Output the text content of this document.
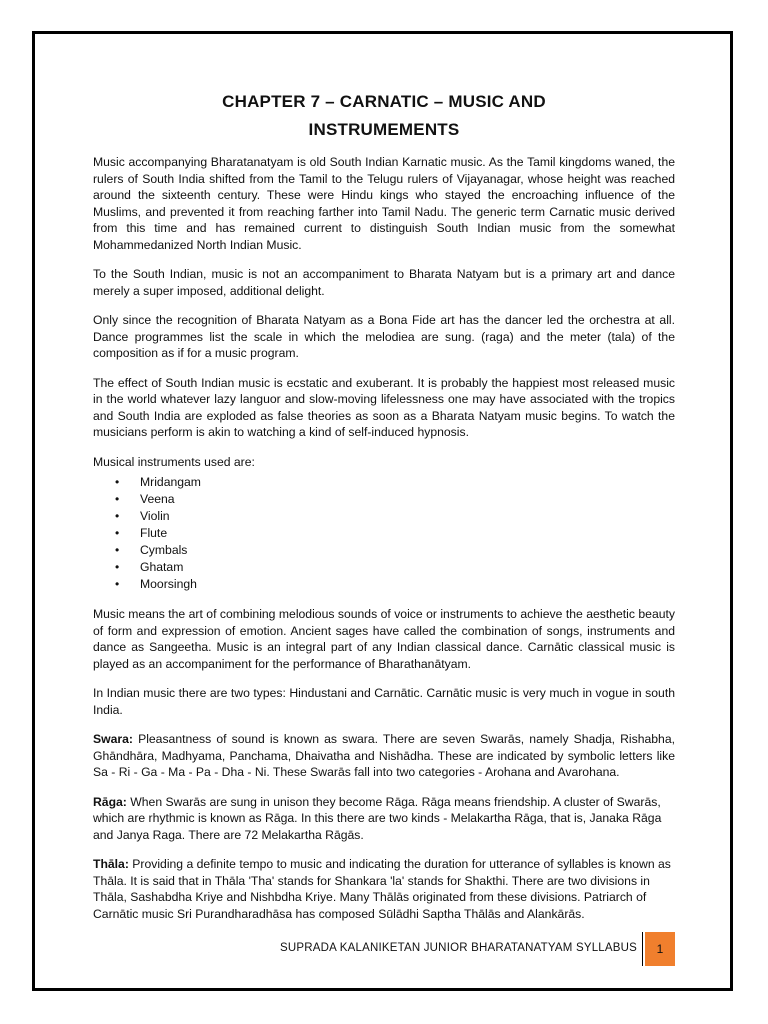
CHAPTER 7 – CARNATIC – MUSIC AND
INSTRUMEMENTS

Music accompanying Bharatanatyam is old South Indian Karnatic music. As the Tamil kingdoms waned, the rulers of South India shifted from the Tamil to the Telugu rulers of Vijayanagar, whose height was reached around the sixteenth century. These were Hindu kings who stayed the encroaching influence of the Muslims, and prevented it from reaching farther into Tamil Nadu. The generic term Carnatic music derived from this time and has remained current to distinguish South Indian music from the somewhat Mohammedanized North Indian Music.

To the South Indian, music is not an accompaniment to Bharata Natyam but is a primary art and dance merely a super imposed, additional delight.

Only since the recognition of Bharata Natyam as a Bona Fide art has the dancer led the orchestra at all. Dance programmes list the scale in which the melodiea are sung. (raga) and the meter (tala) of the composition as if for a music program.

The effect of South Indian music is ecstatic and exuberant. It is probably the happiest most released music in the world whatever lazy languor and slow-moving lifelessness one may have associated with the tropics and South India are exploded as false theories as soon as a Bharata Natyam music begins. To watch the musicians perform is akin to watching a kind of self-induced hypnosis.

Musical instruments used are:

• Mridangam
• Veena
• Violin
• Flute
• Cymbals
• Ghatam
• Moorsingh

Music means the art of combining melodious sounds of voice or instruments to achieve the aesthetic beauty of form and expression of emotion. Ancient sages have called the combination of songs, instruments and dance as Sangeetha. Music is an integral part of any Indian classical dance. Carnātic classical music is played as an accompaniment for the performance of Bharathanātyam.

In Indian music there are two types: Hindustani and Carnātic. Carnātic music is very much in vogue in south India.

Swara: Pleasantness of sound is known as swara. There are seven Swarās, namely Shadja, Rishabha, Ghāndhāra, Madhyama, Panchama, Dhaivatha and Nishādha. These are indicated by symbolic letters like Sa - Ri - Ga - Ma - Pa - Dha - Ni. These Swarās fall into two categories - Arohana and Avarohana.

Rāga: When Swarās are sung in unison they become Rāga. Rāga means friendship. A cluster of Swarās, which are rhythmic is known as Rāga. In this there are two kinds - Melakartha Rāga, that is, Janaka Rāga and Janya Raga. There are 72 Melakartha Rāgās.

Thāla: Providing a definite tempo to music and indicating the duration for utterance of syllables is known as Thāla. It is said that in Thāla 'Tha' stands for Shankara 'la' stands for Shakthi. There are two divisions in Thāla, Sashabdha Kriye and Nishbdha Kriye. Many Thālās originated from these divisions. Patriarch of Carnātic music Sri Purandharadhāsa has composed Sūlādhi Saptha Thālās and Alankārās.

SUPRADA KALANIKETAN JUNIOR BHARATANATYAM SYLLABUS	1
